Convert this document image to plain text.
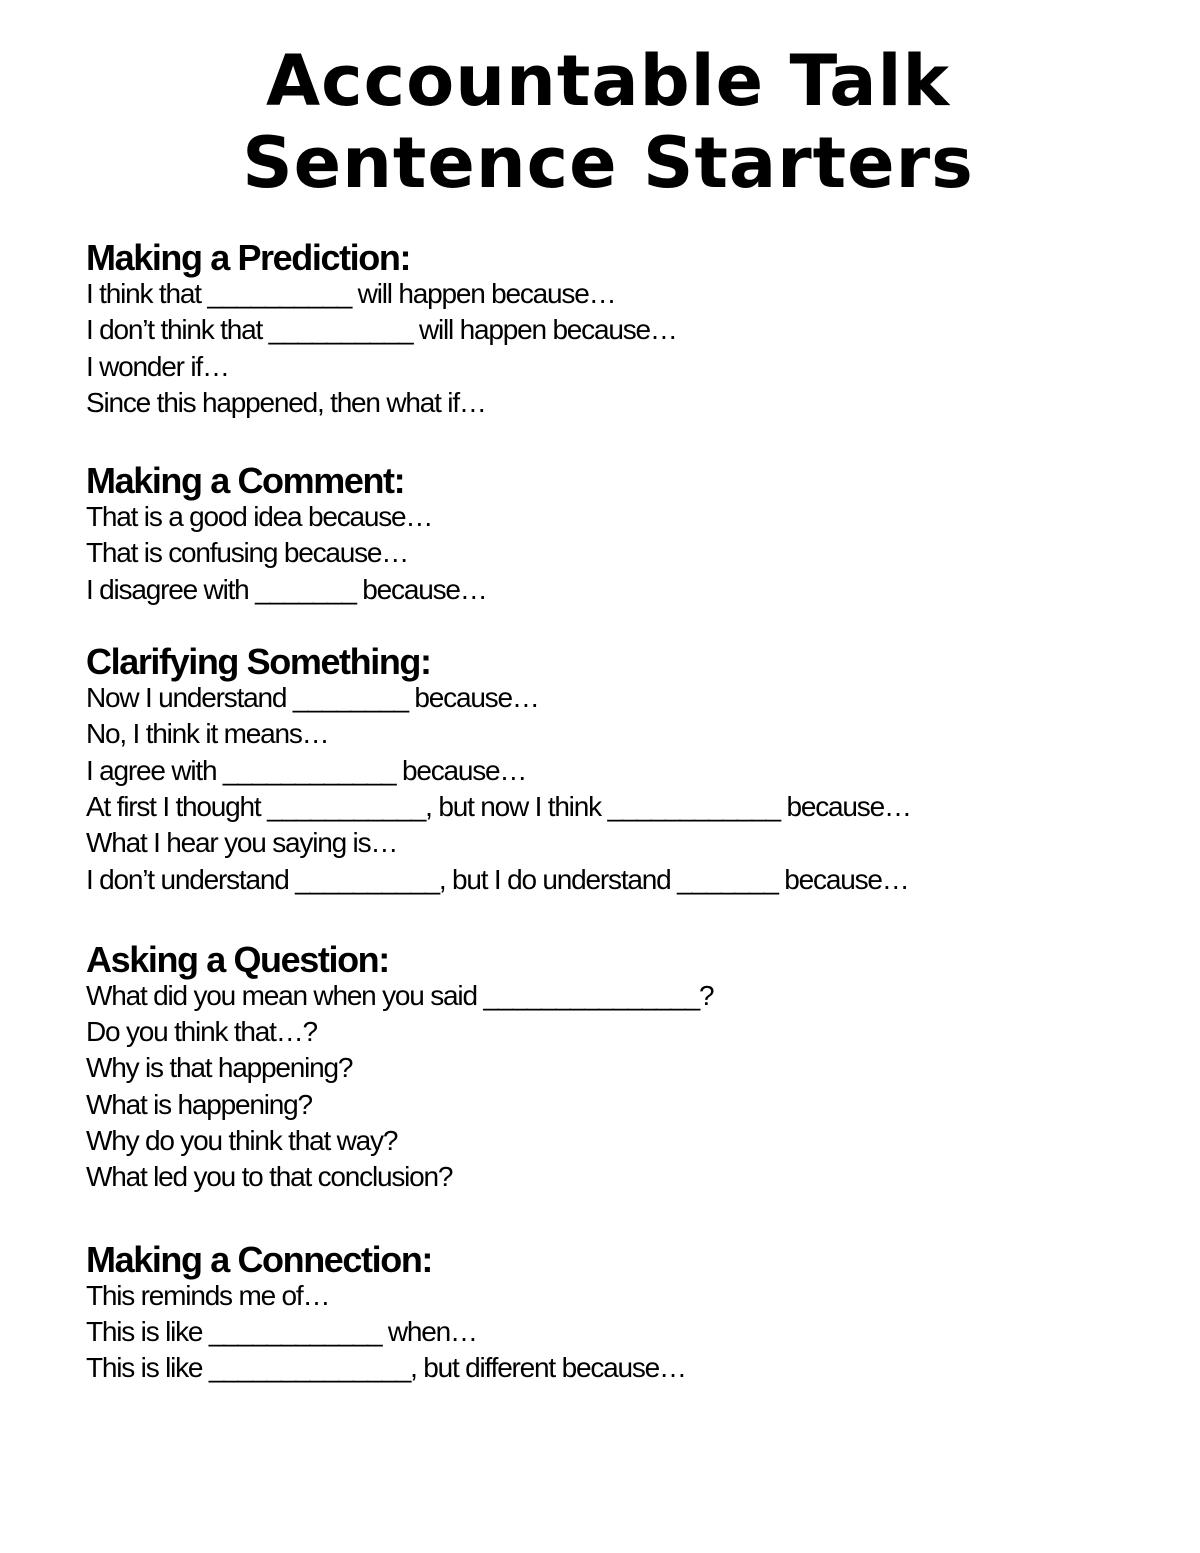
Accountable Talk
Sentence Starters
Making a Prediction:
I think that __________ will happen because…
I don’t think that __________ will happen because…
I wonder if…
Since this happened, then what if…
Making a Comment:
That is a good idea because…
That is confusing because…
I disagree with _______ because…
Clarifying Something:
Now I understand ________ because…
No, I think it means…
I agree with ____________ because…
At first I thought ___________, but now I think ____________ because…
What I hear you saying is…
I don’t understand __________, but I do understand _______ because…
Asking a Question:
What did you mean when you said _______________?
Do you think that…?
Why is that happening?
What is happening?
Why do you think that way?
What led you to that conclusion?
Making a Connection:
This reminds me of…
This is like ____________ when…
This is like ______________, but different because…
